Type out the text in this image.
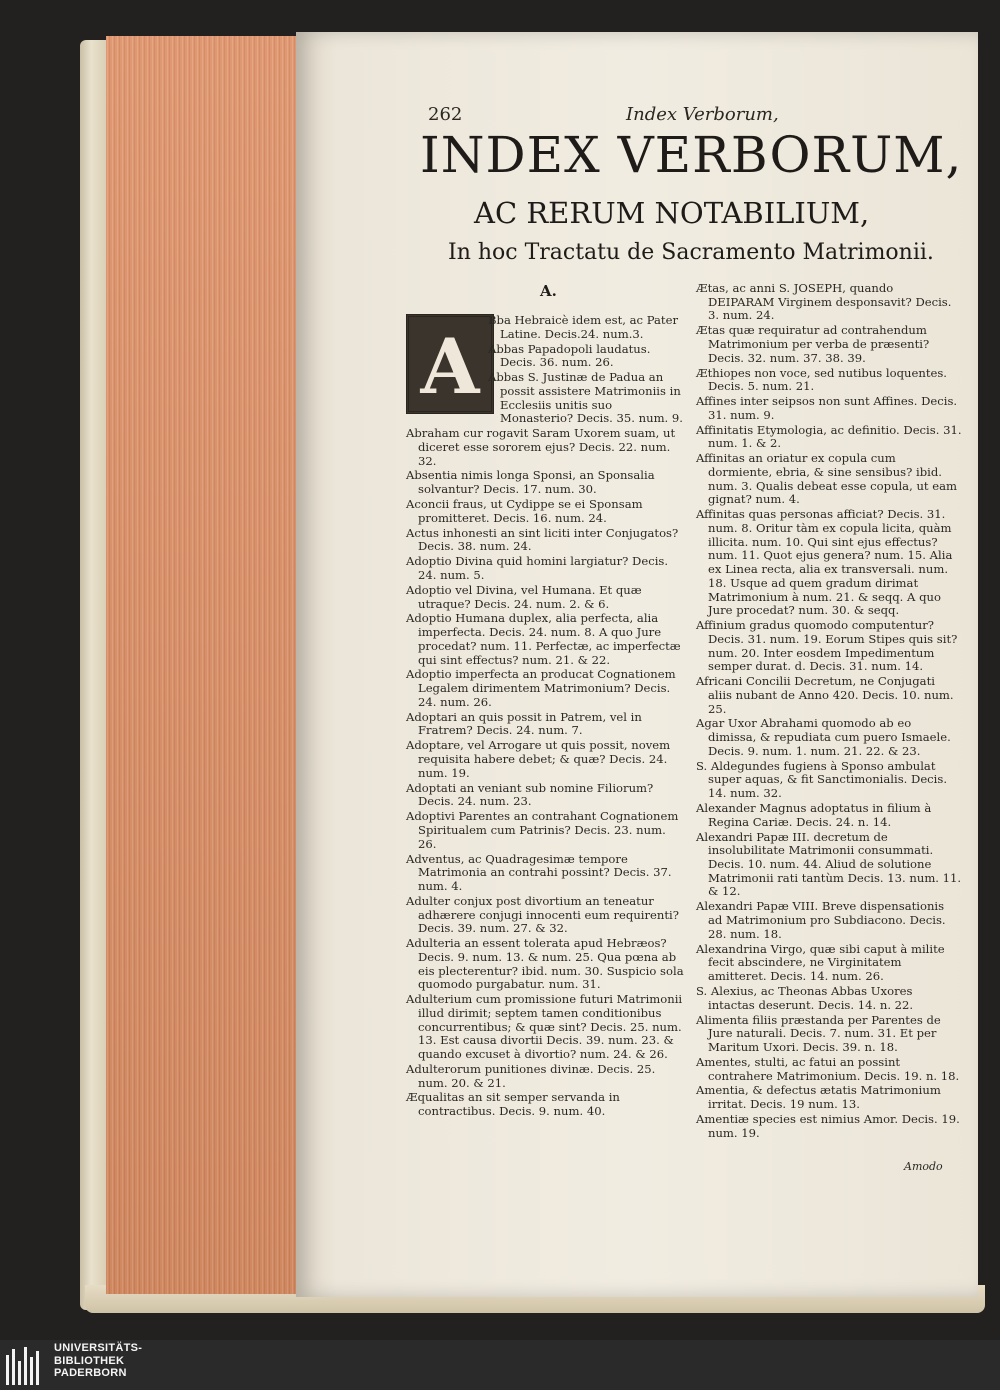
262	Index Verborum,
INDEX VERBORUM,
AC RERUM NOTABILIUM,
In hoc Tractatu de Sacramento Matrimonii.
A.
A

Bba Hebraicè idem est, ac Pater Latine. Decis.24. num.3.

Abbas Papadopoli laudatus. Decis. 36. num. 26.

Abbas S. Justinæ de Padua an possit assistere Matrimoniis in Ecclesiis unitis suo Monasterio? Decis. 35. num. 9.

Abraham cur rogavit Saram Uxorem suam, ut diceret esse sororem ejus? Decis. 22. num. 32.

Absentia nimis longa Sponsi, an Sponsalia solvantur? Decis. 17. num. 30.

Aconcii fraus, ut Cydippe se ei Sponsam promitteret. Decis. 16. num. 24.

Actus inhonesti an sint liciti inter Conjugatos? Decis. 38. num. 24.

Adoptio Divina quid homini largiatur? Decis. 24. num. 5.

Adoptio vel Divina, vel Humana. Et quæ utraque? Decis. 24. num. 2. & 6.

Adoptio Humana duplex, alia perfecta, alia imperfecta. Decis. 24. num. 8. A quo Jure procedat? num. 11. Perfectæ, ac imperfectæ qui sint effectus? num. 21. & 22.

Adoptio imperfecta an producat Cognationem Legalem dirimentem Matrimonium? Decis. 24. num. 26.

Adoptari an quis possit in Patrem, vel in Fratrem? Decis. 24. num. 7.

Adoptare, vel Arrogare ut quis possit, novem requisita habere debet; & quæ? Decis. 24. num. 19.

Adoptati an veniant sub nomine Filiorum? Decis. 24. num. 23.

Adoptivi Parentes an contrahant Cognationem Spiritualem cum Patrinis? Decis. 23. num. 26.

Adventus, ac Quadragesimæ tempore Matrimonia an contrahi possint? Decis. 37. num. 4.

Adulter conjux post divortium an teneatur adhærere conjugi innocenti eum requirenti? Decis. 39. num. 27. & 32.

Adulteria an essent tolerata apud Hebræos? Decis. 9. num. 13. & num. 25. Qua pœna ab eis plecterentur? ibid. num. 30. Suspicio sola quomodo purgabatur. num. 31.

Adulterium cum promissione futuri Matrimonii illud dirimit; septem tamen conditionibus concurrentibus; & quæ sint? Decis. 25. num. 13. Est causa divortii Decis. 39. num. 23. & quando excuset à divortio? num. 24. & 26.

Adulterorum punitiones divinæ. Decis. 25. num. 20. & 21.

Æqualitas an sit semper servanda in contractibus. Decis. 9. num. 40.

Ætas, ac anni S. JOSEPH, quando DEIPARAM Virginem desponsavit? Decis. 3. num. 24.

Ætas quæ requiratur ad contrahendum Matrimonium per verba de præsenti? Decis. 32. num. 37. 38. 39.

Æthiopes non voce, sed nutibus loquentes. Decis. 5. num. 21.

Affines inter seipsos non sunt Affines. Decis. 31. num. 9.

Affinitatis Etymologia, ac definitio. Decis. 31. num. 1. & 2.

Affinitas an oriatur ex copula cum dormiente, ebria, & sine sensibus? ibid. num. 3. Qualis debeat esse copula, ut eam gignat? num. 4.

Affinitas quas personas afficiat? Decis. 31. num. 8. Oritur tàm ex copula licita, quàm illicita. num. 10. Qui sint ejus effectus? num. 11. Quot ejus genera? num. 15. Alia ex Linea recta, alia ex transversali. num. 18. Usque ad quem gradum dirimat Matrimonium à num. 21. & seqq. A quo Jure procedat? num. 30. & seqq.

Affinium gradus quomodo computentur? Decis. 31. num. 19. Eorum Stipes quis sit? num. 20. Inter eosdem Impedimentum semper durat. d. Decis. 31. num. 14.

Africani Concilii Decretum, ne Conjugati aliis nubant de Anno 420. Decis. 10. num. 25.

Agar Uxor Abrahami quomodo ab eo dimissa, & repudiata cum puero Ismaele. Decis. 9. num. 1. num. 21. 22. & 23.

S. Aldegundes fugiens à Sponso ambulat super aquas, & fit Sanctimonialis. Decis. 14. num. 32.

Alexander Magnus adoptatus in filium à Regina Cariæ. Decis. 24. n. 14.

Alexandri Papæ III. decretum de insolubilitate Matrimonii consummati. Decis. 10. num. 44. Aliud de solutione Matrimonii rati tantùm Decis. 13. num. 11. & 12.

Alexandri Papæ VIII. Breve dispensationis ad Matrimonium pro Subdiacono. Decis. 28. num. 18.

Alexandrina Virgo, quæ sibi caput à milite fecit abscindere, ne Virginitatem amitteret. Decis. 14. num. 26.

S. Alexius, ac Theonas Abbas Uxores intactas deserunt. Decis. 14. n. 22.

Alimenta filiis præstanda per Parentes de Jure naturali. Decis. 7. num. 31. Et per Maritum Uxori. Decis. 39. n. 18.

Amentes, stulti, ac fatui an possint contrahere Matrimonium. Decis. 19. n. 18.

Amentia, & defectus ætatis Matrimonium irritat. Decis. 19 num. 13.

Amentiæ species est nimius Amor. Decis. 19. num. 19.

Amodo
UNIVERSITÄTS-
BIBLIOTHEK
PADERBORN
